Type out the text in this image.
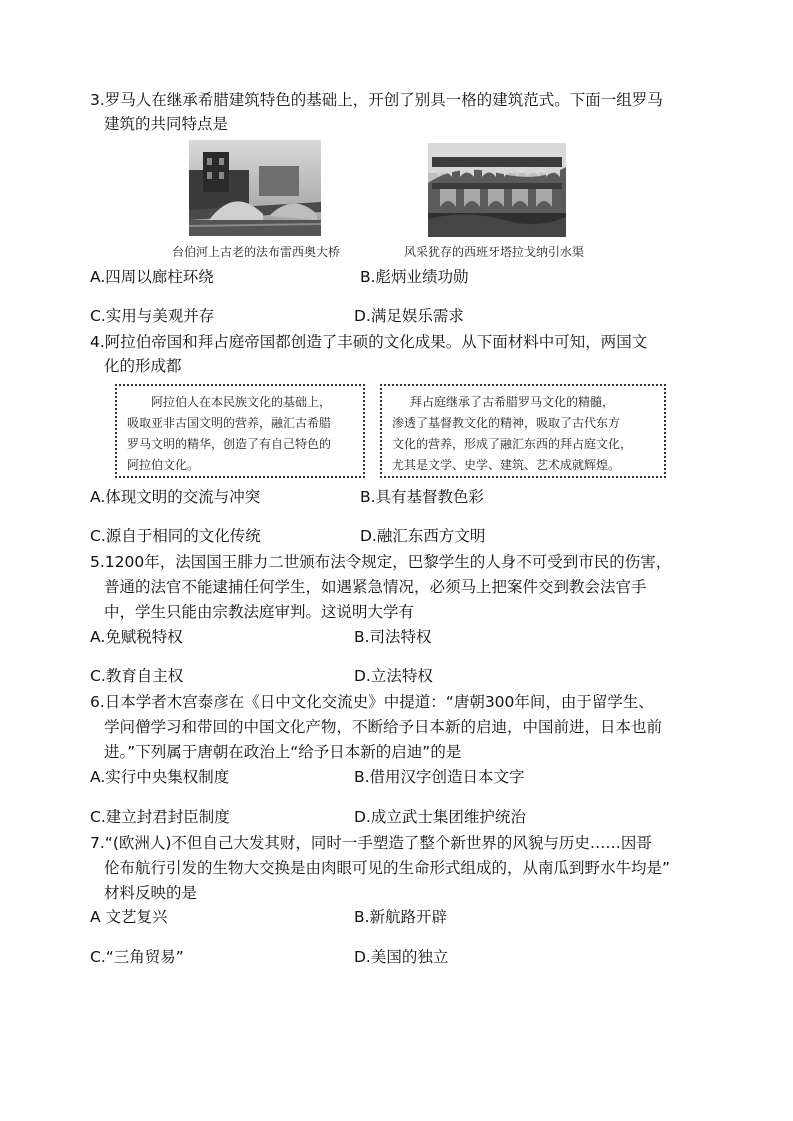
3.罗马人在继承希腊建筑特色的基础上，开创了别具一格的建筑范式。下面一组罗马
建筑的共同特点是
台伯河上古老的法布雷西奥大桥	风采犹存的西班牙塔拉戈纳引水渠
A.四周以廊柱环绕	B.彪炳业绩功勋
C.实用与美观并存	D.满足娱乐需求
4.阿拉伯帝国和拜占庭帝国都创造了丰硕的文化成果。从下面材料中可知，两国文
化的形成都

阿拉伯人在本民族文化的基础上，

吸取亚非古国文明的营养，融汇古希腊

罗马文明的精华，创造了有自己特色的

阿拉伯文化。

拜占庭继承了古希腊罗马文化的精髓，

渗透了基督教文化的精神，吸取了古代东方

文化的营养，形成了融汇东西的拜占庭文化，

尤其是文学、史学、建筑、艺术成就辉煌。

A.体现文明的交流与冲突	B.具有基督教色彩
C.源自于相同的文化传统	D.融汇东西方文明
5.1200年，法国国王腓力二世颁布法令规定，巴黎学生的人身不可受到市民的伤害，
普通的法官不能逮捕任何学生，如遇紧急情况，必须马上把案件交到教会法官手
中，学生只能由宗教法庭审判。这说明大学有
A.免赋税特权	B.司法特权
C.教育自主权	D.立法特权
6.日本学者木宫泰彦在《日中文化交流史》中提道：“唐朝300年间，由于留学生、
学问僧学习和带回的中国文化产物，不断给予日本新的启迪，中国前进，日本也前
进。”下列属于唐朝在政治上“给予日本新的启迪”的是
A.实行中央集权制度	B.借用汉字创造日本文字
C.建立封君封臣制度	D.成立武士集团维护统治
7.“(欧洲人)不但自己大发其财，同时一手塑造了整个新世界的风貌与历史……因哥
伦布航行引发的生物大交换是由肉眼可见的生命形式组成的，从南瓜到野水牛均是”
材料反映的是
A 文艺复兴	B.新航路开辟
C.“三角贸易”	D.美国的独立
